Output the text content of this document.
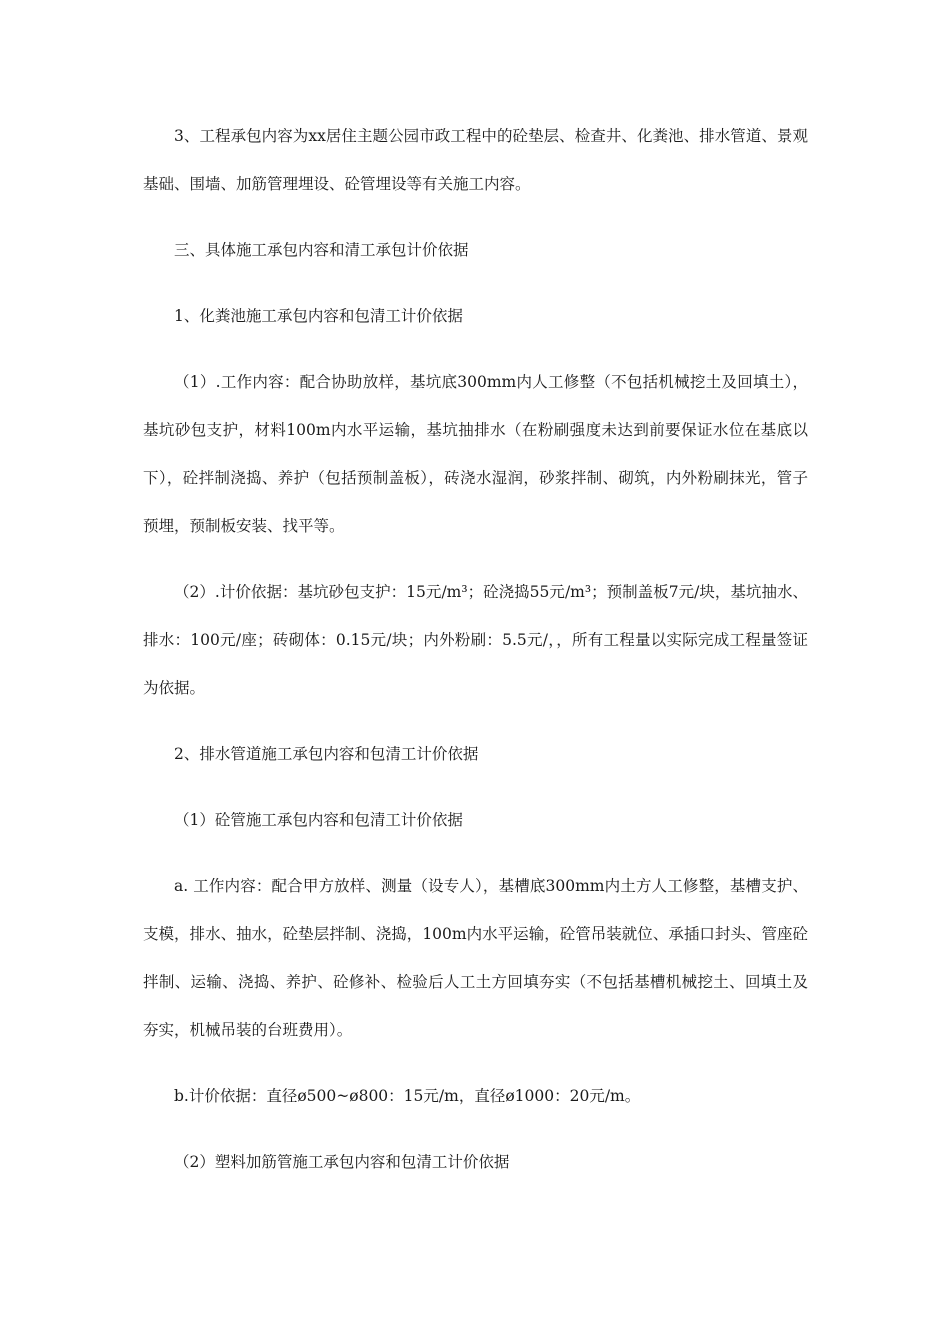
3、工程承包内容为xx居住主题公园市政工程中的砼垫层、检查井、化粪池、排水管道、景观基础、围墙、加筋管理埋设、砼管埋设等有关施工内容。

三、具体施工承包内容和清工承包计价依据

1、化粪池施工承包内容和包清工计价依据

（1）.工作内容：配合协助放样，基坑底300mm内人工修整（不包括机械挖土及回填土），基坑砂包支护，材料100m内水平运输，基坑抽排水（在粉刷强度未达到前要保证水位在基底以下），砼拌制浇捣、养护（包括预制盖板），砖浇水湿润，砂浆拌制、砌筑，内外粉刷抹光，管子预埋，预制板安装、找平等。

（2）.计价依据：基坑砂包支护：15元/m³；砼浇捣55元/m³；预制盖板7元/块，基坑抽水、排水：100元/座；砖砌体：0.15元/块；内外粉刷：5.5元/，，所有工程量以实际完成工程量签证为依据。

2、排水管道施工承包内容和包清工计价依据

（1）砼管施工承包内容和包清工计价依据

a. 工作内容：配合甲方放样、测量（设专人），基槽底300mm内土方人工修整，基槽支护、支模，排水、抽水，砼垫层拌制、浇捣，100m内水平运输，砼管吊装就位、承插口封头、管座砼拌制、运输、浇捣、养护、砼修补、检验后人工土方回填夯实（不包括基槽机械挖土、回填土及夯实，机械吊装的台班费用）。

b.计价依据：直径ø500~ø800：15元/m，直径ø1000：20元/m。

（2）塑料加筋管施工承包内容和包清工计价依据
